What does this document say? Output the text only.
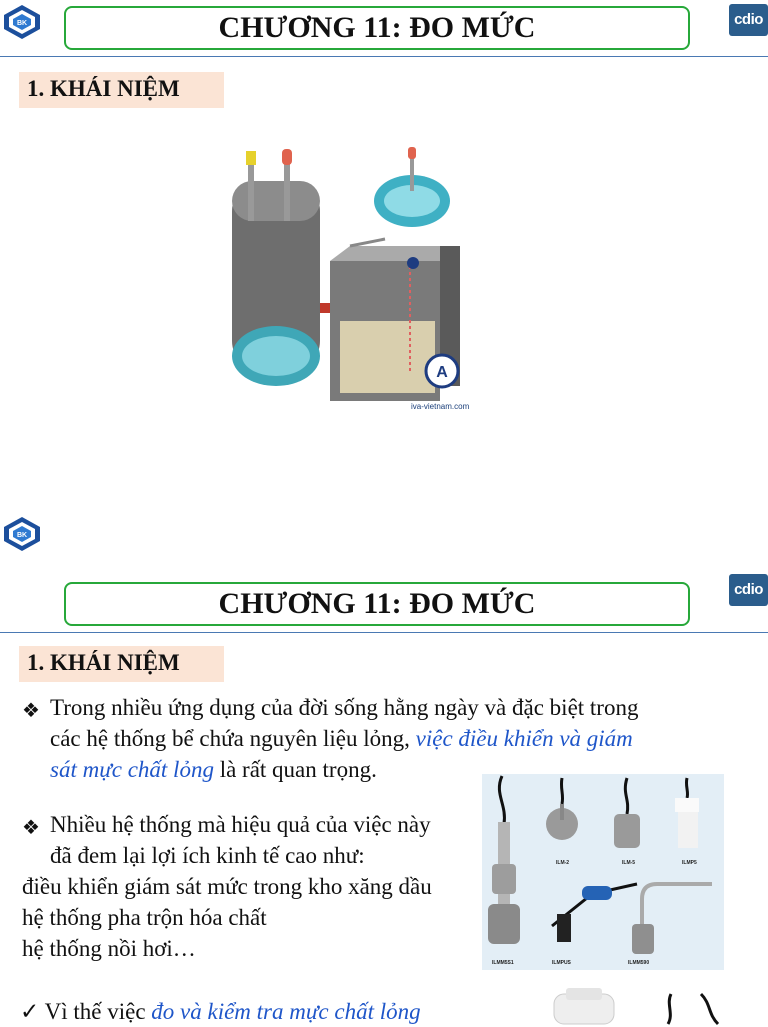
BK	CHƯƠNG 11: ĐO MỨC	cdio
1. KHÁI NIỆM
A
iva-vietnam.com
BK
CHƯƠNG 11: ĐO MỨC	cdio
1. KHÁI NIỆM
❖ Trong nhiều ứng dụng của đời sống hằng ngày và đặc biệt trong
các hệ thống bể chứa nguyên liệu lỏng, việc điều khiển và giám
sát mực chất lỏng là rất quan trọng.
❖ Nhiều hệ thống mà hiệu quả của việc này
đã đem lại lợi ích kinh tế cao như:
điều khiển giám sát mức trong kho xăng dầu
hệ thống pha trộn hóa chất
hệ thống nồi hơi…
✓ Vì thế việc đo và kiểm tra mực chất lỏng
ILM-2	ILM-5	ILMP5
ILMM5S1	ILMPUS	ILMM590
